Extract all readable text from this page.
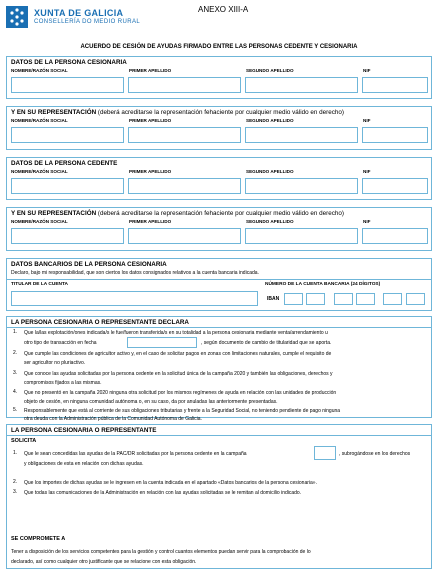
XUNTA DE GALICIA
CONSELLERÍA DO MEDIO RURAL
ANEXO XIII-A
ACUERDO DE CESIÓN DE AYUDAS FIRMADO ENTRE LAS PERSONAS CEDENTE Y CESIONARIA
DATOS DE LA PERSONA CESIONARIA
NOMBRE/RAZÓN SOCIAL	PRIMER APELLIDO	SEGUNDO APELLIDO	NIF
Y EN SU REPRESENTACIÓN (deberá acreditarse la representación fehaciente por cualquier medio válido en derecho)
NOMBRE/RAZÓN SOCIAL	PRIMER APELLIDO	SEGUNDO APELLIDO	NIF
DATOS DE LA PERSONA CEDENTE
NOMBRE/RAZÓN SOCIAL	PRIMER APELLIDO	SEGUNDO APELLIDO	NIF
Y EN SU REPRESENTACIÓN (deberá acreditarse la representación fehaciente por cualquier medio válido en derecho)
NOMBRE/RAZÓN SOCIAL	PRIMER APELLIDO	SEGUNDO APELLIDO	NIF
DATOS BANCARIOS DE LA PERSONA CESIONARIA
Declaro, bajo mi responsabilidad, que son ciertos los datos consignados relativos a la cuenta bancaria indicada.
TITULAR DE LA CUENTA	NÚMERO DE LA CUENTA BANCARIA (24 DÍGITOS)
IBAN
LA PERSONA CESIONARIA O REPRESENTANTE DECLARA
1. Que la/las explotación/ones indicada/s le fue/fueron transferida/s en su totalidad a la persona cesionaria mediante venta/arrendamiento u
otro tipo de transacción en fecha	, según documento de cambio de titularidad que se aporta.
2. Que cumple las condiciones de agricultor activo y, en el caso de solicitar pagos en zonas con limitaciones naturales, cumple el requisito de
ser agricultor no pluriactivo.
3. Que conoce las ayudas solicitadas por la persona cedente en la solicitud única de la campaña 2020 y también las obligaciones, derechos y
compromisos fijados a las mismas.
4. Que no presentó en la campaña 2020 ninguna otra solicitud por los mismos regímenes de ayuda en relación con las unidades de producción
objeto de cesión, en ninguna comunidad autónoma o, en su caso, da por anuladas las anteriormente presentadas.
5. Responsablemente que está al corriente de sus obligaciones tributarias y frente a la Seguridad Social, no teniendo pendiente de pago ninguna
otra deuda con la Administración pública de la Comunidad Autónoma de Galicia.
LA PERSONA CESIONARIA O REPRESENTANTE
SOLICITA
1. Que le sean concedidas las ayudas de la PAC/DR solicitadas por la persona cedente en la campaña	, subrogándose en los derechos
y obligaciones de esta en relación con dichas ayudas.
2. Que los importes de dichas ayudas se le ingresen en la cuenta indicada en el apartado «Datos bancarios de la persona cesionaria».
3. Que todas las comunicaciones de la Administración en relación con las ayudas solicitadas se le remitan al domicilio indicado.
SE COMPROMETE A
Tener a disposición de los servicios competentes para la gestión y control cuantos elementos puedan servir para la comprobación de lo
declarado, así como cualquier otro justificante que se relacione con esta obligación.
